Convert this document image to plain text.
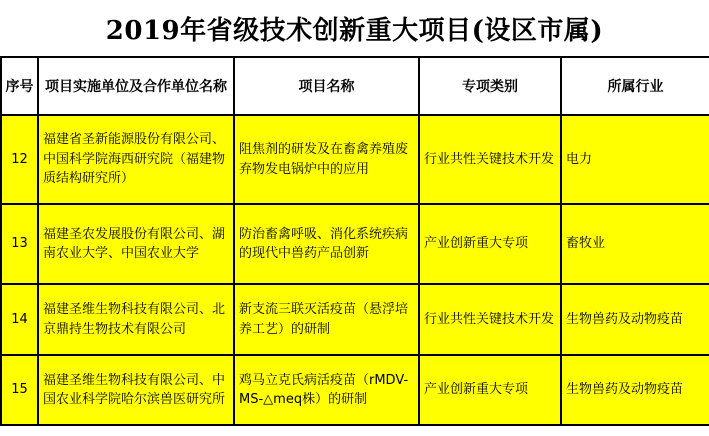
2019年省级技术创新重大项目(设区市属)
序号	项目实施单位及合作单位名称	项目名称	专项类别	所属行业
12	福建省圣新能源股份有限公司、中国科学院海西研究院（福建物质结构研究所）	阻焦剂的研发及在畜禽养殖废弃物发电锅炉中的应用	行业共性关键技术开发	电力
13	福建圣农发展股份有限公司、湖南农业大学、中国农业大学	防治畜禽呼吸、消化系统疾病的现代中兽药产品创新	产业创新重大专项	畜牧业
14	福建圣维生物科技有限公司、北京鼎持生物技术有限公司	新支流三联灭活疫苗（悬浮培养工艺）的研制	行业共性关键技术开发	生物兽药及动物疫苗
15	福建圣维生物科技有限公司、中国农业科学院哈尔滨兽医研究所	鸡马立克氏病活疫苗（rMDV-MS-△meq株）的研制	产业创新重大专项	生物兽药及动物疫苗
